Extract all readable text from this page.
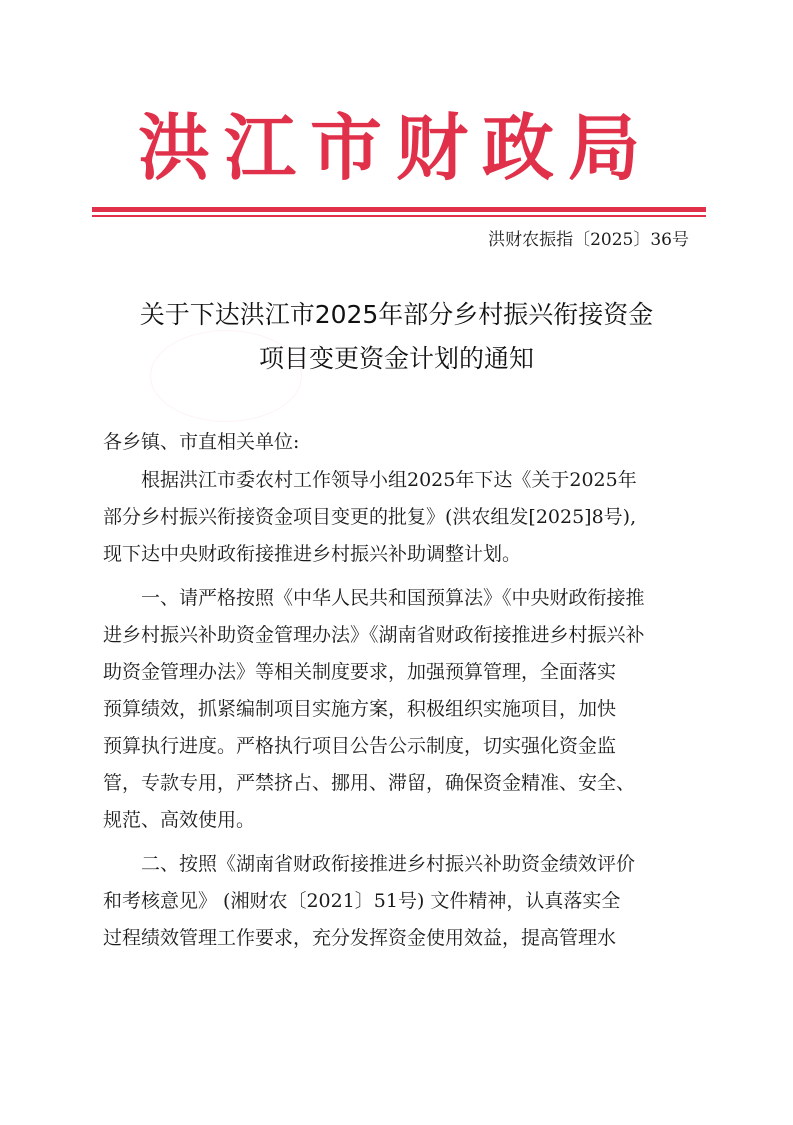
洪江市财政局
洪财农振指〔2025〕36号
关于下达洪江市2025年部分乡村振兴衔接资金
项目变更资金计划的通知
各乡镇、市直相关单位:
根据洪江市委农村工作领导小组2025年下达《关于2025年
部分乡村振兴衔接资金项目变更的批复》(洪农组发[2025]8号),
现下达中央财政衔接推进乡村振兴补助调整计划。
一、请严格按照《中华人民共和国预算法》《中央财政衔接推
进乡村振兴补助资金管理办法》《湖南省财政衔接推进乡村振兴补
助资金管理办法》等相关制度要求，加强预算管理，全面落实
预算绩效，抓紧编制项目实施方案，积极组织实施项目，加快
预算执行进度。严格执行项目公告公示制度，切实强化资金监
管，专款专用，严禁挤占、挪用、滞留，确保资金精准、安全、
规范、高效使用。
二、按照《湖南省财政衔接推进乡村振兴补助资金绩效评价
和考核意见》 (湘财农〔2021〕51号) 文件精神，认真落实全
过程绩效管理工作要求，充分发挥资金使用效益，提高管理水
